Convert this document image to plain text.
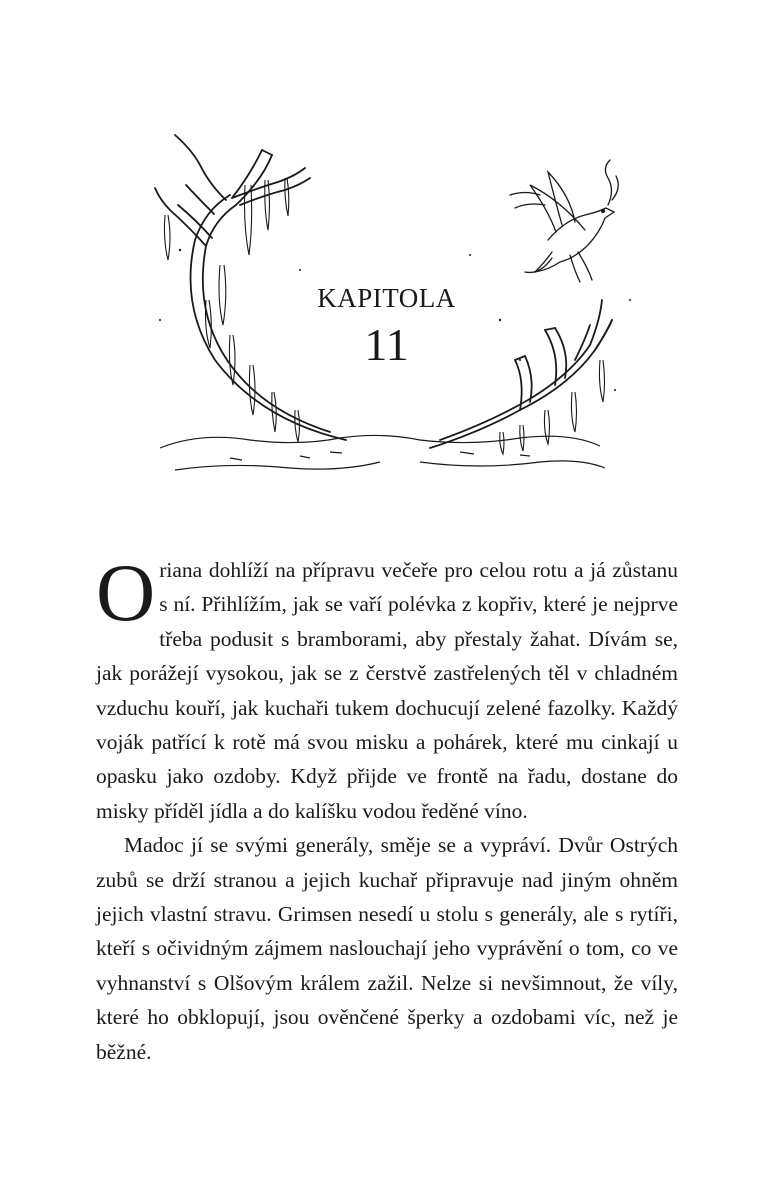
KAPITOLA
11

Oriana dohlíží na přípravu večeře pro celou rotu a já zůstanu s ní. Přihlížím, jak se vaří polévka z kopřiv, které je nejprve třeba podusit s bramborami, aby přestaly žahat. Dívám se, jak porážejí vysokou, jak se z čerstvě zastřelených těl v chladném vzduchu kouří, jak kuchaři tukem dochucují zelené fazolky. Každý voják patřící k rotě má svou misku a pohárek, které mu cinkají u opasku jako ozdoby. Když přijde ve frontě na řadu, dostane do misky příděl jídla a do kalíšku vodou ředěné víno.

Madoc jí se svými generály, směje se a vypráví. Dvůr Ostrých zubů se drží stranou a jejich kuchař připravuje nad jiným ohněm jejich vlastní stravu. Grimsen nesedí u stolu s generály, ale s rytíři, kteří s očividným zájmem naslouchají jeho vyprávění o tom, co ve vyhnanství s Olšovým králem zažil. Nelze si nevšimnout, že víly, které ho obklopují, jsou ověnčené šperky a ozdobami víc, než je běžné.
